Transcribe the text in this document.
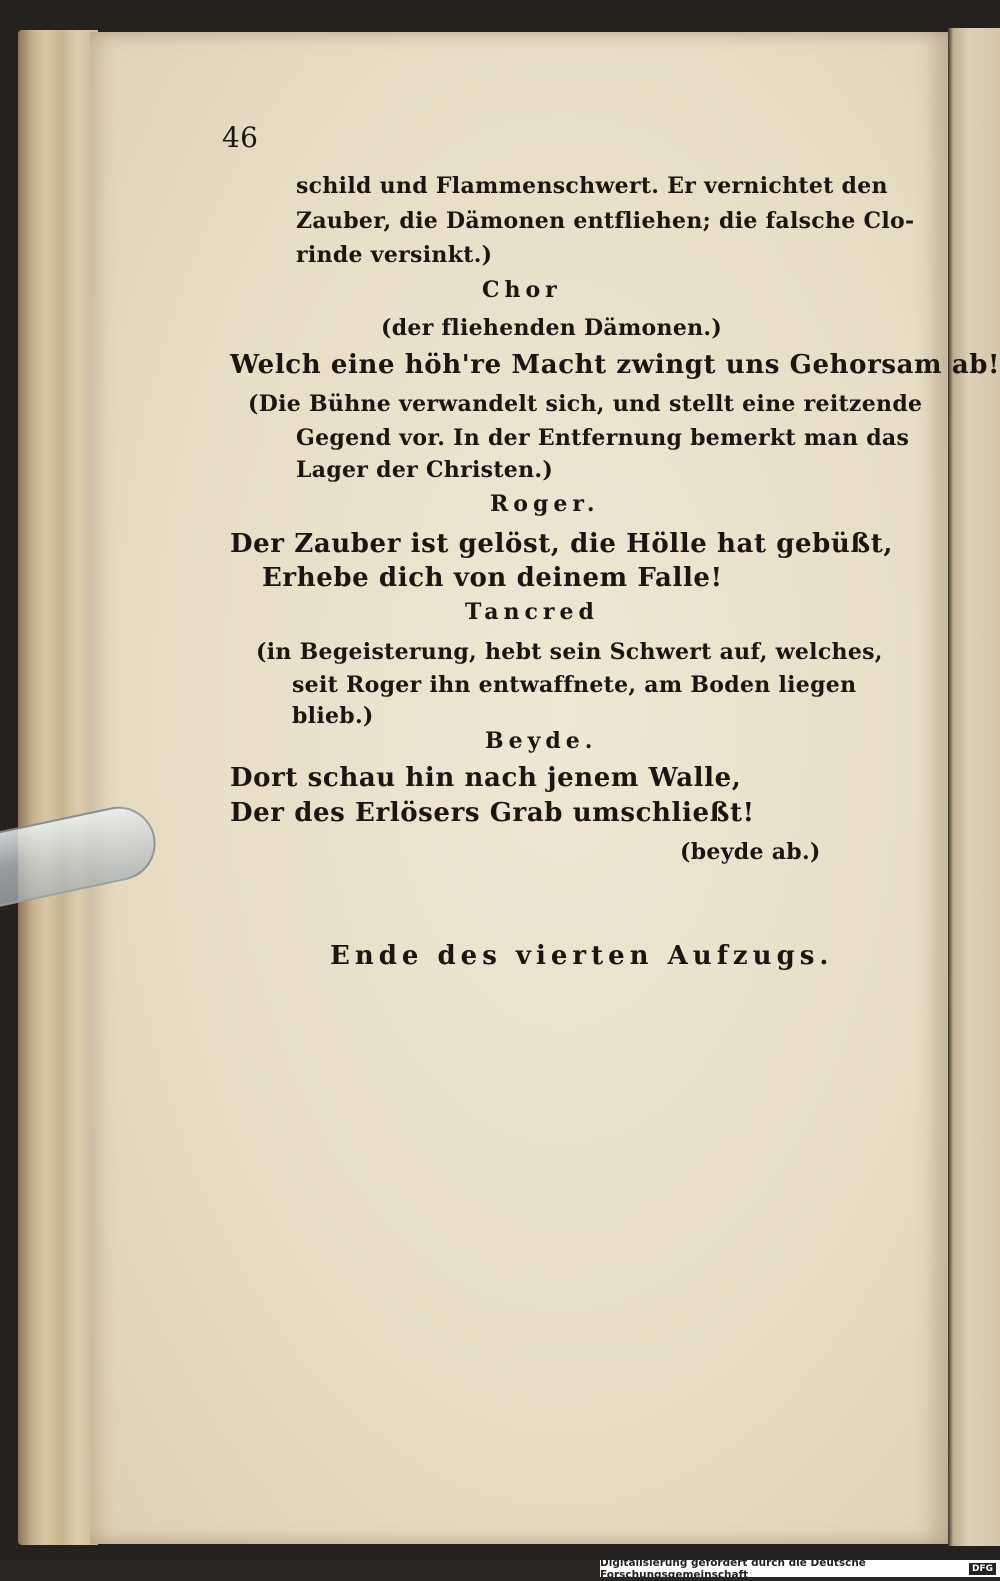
46
schild und Flammenschwert. Er vernichtet den
Zauber, die Dämonen entfliehen; die falsche Clo-
rinde versinkt.)
Chor
(der fliehenden Dämonen.)
Welch eine höh're Macht zwingt uns Gehorsam ab!
(Die Bühne verwandelt sich, und stellt eine reitzende
Gegend vor. In der Entfernung bemerkt man das
Lager der Christen.)
Roger.
Der Zauber ist gelöst, die Hölle hat gebüßt,
Erhebe dich von deinem Falle!
Tancred
(in Begeisterung, hebt sein Schwert auf, welches,
seit Roger ihn entwaffnete, am Boden liegen
blieb.)
Beyde.
Dort schau hin nach jenem Walle,
Der des Erlösers Grab umschließt!
(beyde ab.)
Ende des vierten Aufzugs.
Digitalisierung gefördert durch die Deutsche Forschungsgemeinschaft	DFG
